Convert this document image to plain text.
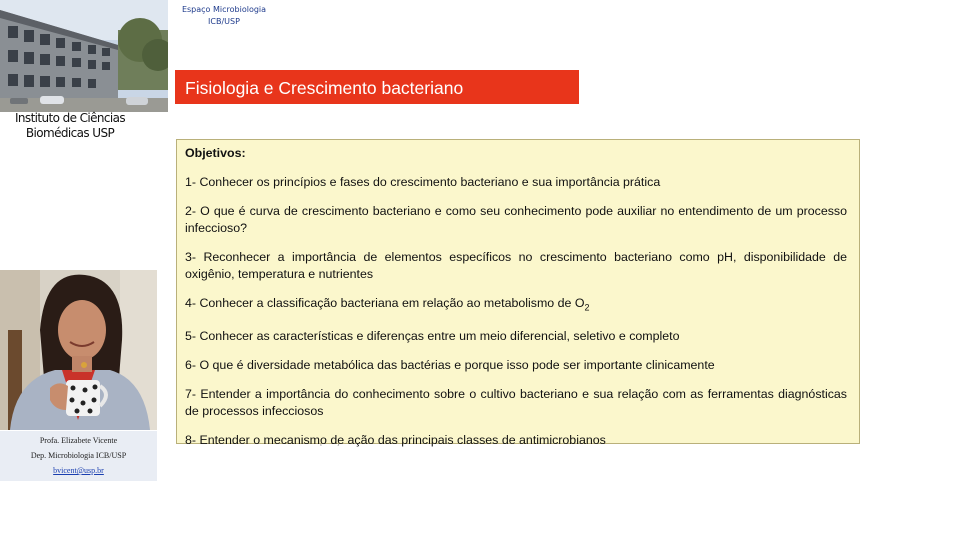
Instituto de Ciências
Biomédicas USP
Espaço Microbiologia
ICB/USP
Fisiologia e Crescimento bacteriano
Profa. Elizabete Vicente
Dep. Microbiologia ICB/USP
bvicent@usp.br
Objetivos:
1- Conhecer os princípios e fases do crescimento bacteriano e sua importância prática
2- O que é curva de crescimento bacteriano e como seu conhecimento pode auxiliar no entendimento de um processo infeccioso?
3- Reconhecer a importância de elementos específicos no crescimento bacteriano como pH, disponibilidade de oxigênio, temperatura e nutrientes
4- Conhecer a classificação bacteriana em relação ao metabolismo de $O_2$
5- Conhecer as características e diferenças entre um meio diferencial, seletivo e completo
6- O que é diversidade metabólica das bactérias e porque isso pode ser importante clinicamente
7- Entender a importância do conhecimento sobre o cultivo bacteriano e sua relação com as ferramentas diagnósticas de processos infecciosos
8- Entender o mecanismo de ação das principais classes de antimicrobianos
